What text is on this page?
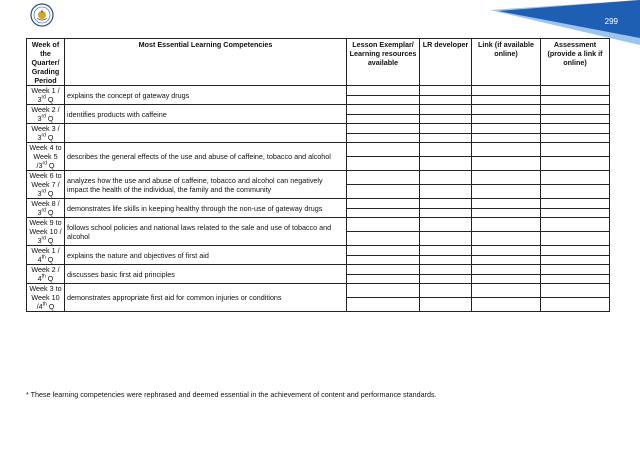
299
Week of the Quarter/ Grading Period	Most Essential Learning Competencies	Lesson Exemplar/ Learning resources available	LR developer	Link (if available online)	Assessment (provide a link if online)
Week 1 / 3rd Q	explains the concept of gateway drugs				

Week 2 / 3rd Q	identifies products with caffeine				

Week 3 / 3rd Q					

Week 4 to Week 5 /3rd Q	describes the general effects of the use and abuse of caffeine, tobacco and alcohol				

Week 6 to Week 7 / 3rd Q	analyzes how the use and abuse of caffeine, tobacco and alcohol can negatively impact the health of the individual, the family and the community				

Week 8 / 3rd Q	demonstrates life skills in keeping healthy through the non-use of gateway drugs				

Week 9 to Week 10 / 3rd Q	follows school policies and national laws related to the sale and use of tobacco and alcohol				

Week 1 / 4th Q	explains the nature and objectives of first aid				

Week 2 / 4th Q	discusses basic first aid principles				

Week 3 to Week 10 /4th Q	demonstrates appropriate first aid for common injuries or conditions				

* These learning competencies were rephrased and deemed essential in the achievement of content and performance standards.
